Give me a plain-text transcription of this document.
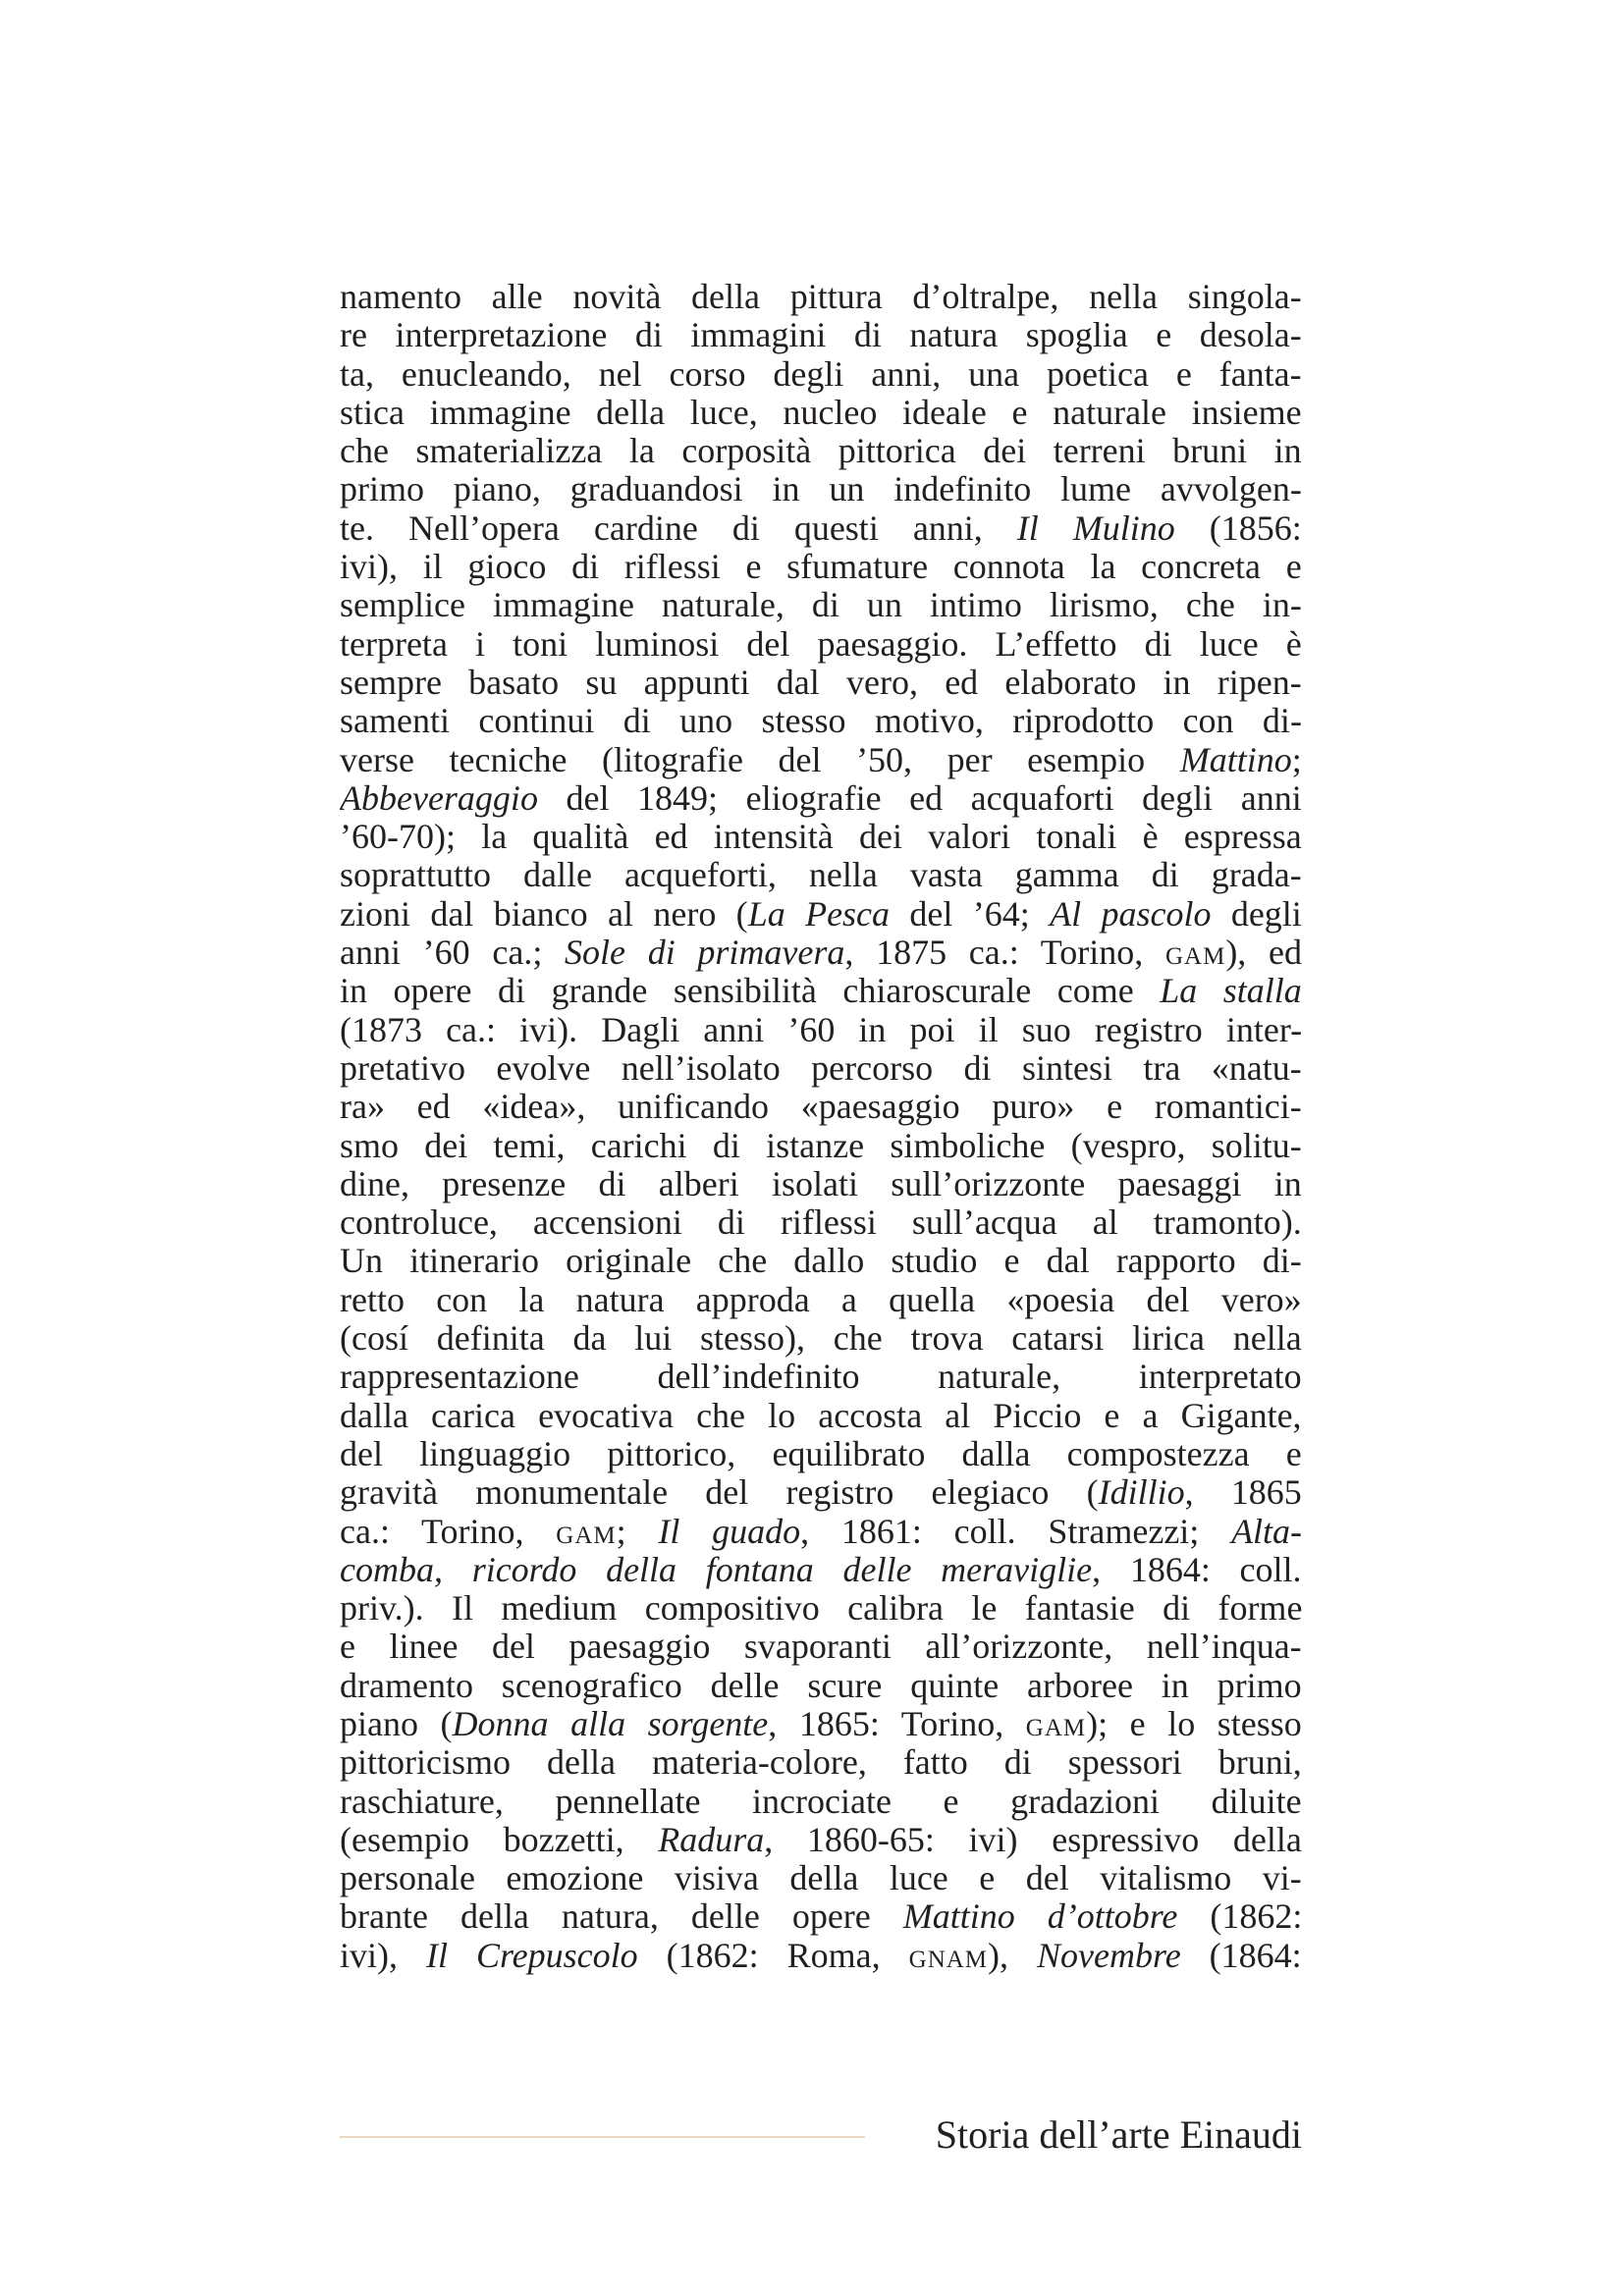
namento alle novità della pittura d’oltralpe, nella singola-
re interpretazione di immagini di natura spoglia e desola-
ta, enucleando, nel corso degli anni, una poetica e fanta-
stica immagine della luce, nucleo ideale e naturale insieme
che smaterializza la corposità pittorica dei terreni bruni in
primo piano, graduandosi in un indefinito lume avvolgen-
te. Nell’opera cardine di questi anni, Il Mulino (1856:
ivi), il gioco di riflessi e sfumature connota la concreta e
semplice immagine naturale, di un intimo lirismo, che in-
terpreta i toni luminosi del paesaggio. L’effetto di luce è
sempre basato su appunti dal vero, ed elaborato in ripen-
samenti continui di uno stesso motivo, riprodotto con di-
verse tecniche (litografie del ’50, per esempio Mattino;
Abbeveraggio del 1849; eliografie ed acquaforti degli anni
’60-70); la qualità ed intensità dei valori tonali è espressa
soprattutto dalle acqueforti, nella vasta gamma di grada-
zioni dal bianco al nero (La Pesca del ’64; Al pascolo degli
anni ’60 ca.; Sole di primavera, 1875 ca.: Torino, gam), ed
in opere di grande sensibilità chiaroscurale come La stalla
(1873 ca.: ivi). Dagli anni ’60 in poi il suo registro inter-
pretativo evolve nell’isolato percorso di sintesi tra «natu-
ra» ed «idea», unificando «paesaggio puro» e romantici-
smo dei temi, carichi di istanze simboliche (vespro, solitu-
dine, presenze di alberi isolati sull’orizzonte paesaggi in
controluce, accensioni di riflessi sull’acqua al tramonto).
Un itinerario originale che dallo studio e dal rapporto di-
retto con la natura approda a quella «poesia del vero»
(cosí definita da lui stesso), che trova catarsi lirica nella
rappresentazione dell’indefinito naturale, interpretato
dalla carica evocativa che lo accosta al Piccio e a Gigante,
del linguaggio pittorico, equilibrato dalla compostezza e
gravità monumentale del registro elegiaco (Idillio, 1865
ca.: Torino, gam; Il guado, 1861: coll. Stramezzi; Alta-
comba, ricordo della fontana delle meraviglie, 1864: coll.
priv.). Il medium compositivo calibra le fantasie di forme
e linee del paesaggio svaporanti all’orizzonte, nell’inqua-
dramento scenografico delle scure quinte arboree in primo
piano (Donna alla sorgente, 1865: Torino, gam); e lo stesso
pittoricismo della materia-colore, fatto di spessori bruni,
raschiature, pennellate incrociate e gradazioni diluite
(esempio bozzetti, Radura, 1860-65: ivi) espressivo della
personale emozione visiva della luce e del vitalismo vi-
brante della natura, delle opere Mattino d’ottobre (1862:
ivi), Il Crepuscolo (1862: Roma, gnam), Novembre (1864:
Storia dell’arte Einaudi
